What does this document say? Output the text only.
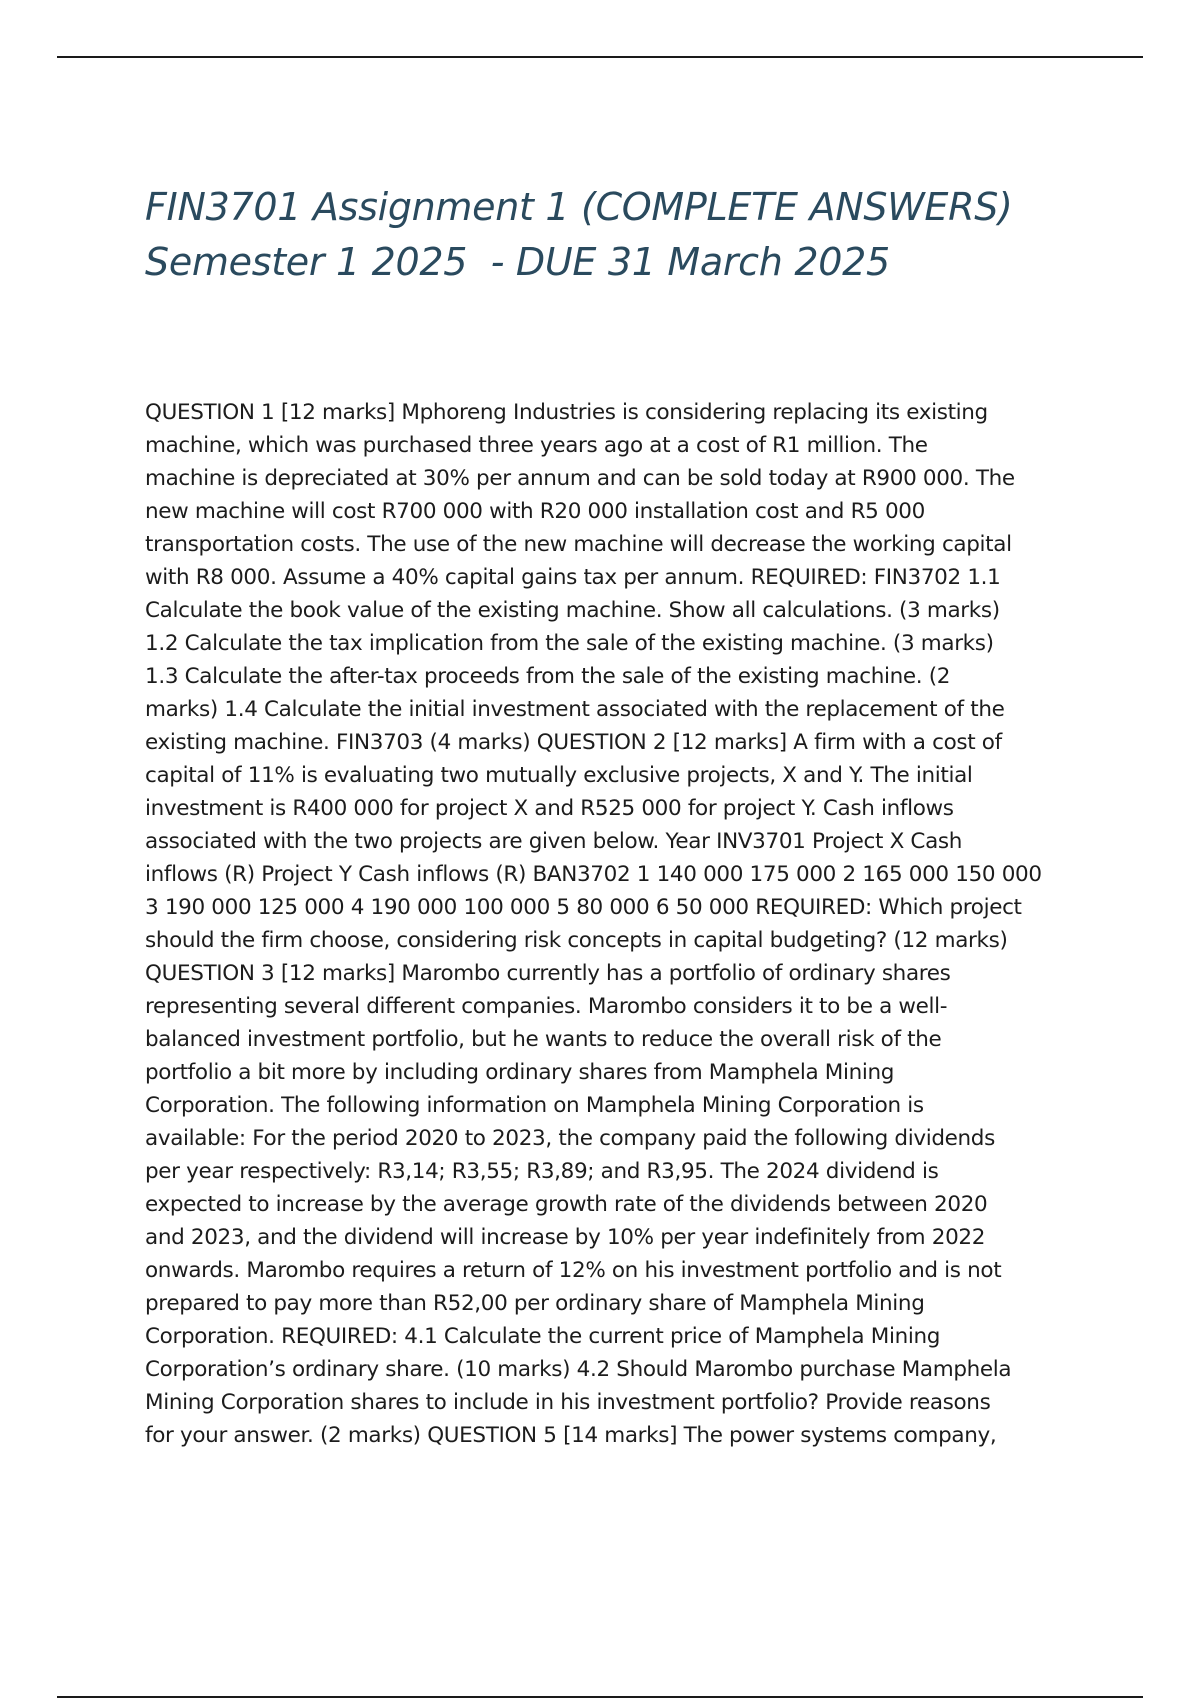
FIN3701 Assignment 1 (COMPLETE ANSWERS)
Semester 1 2025  - DUE 31 March 2025
QUESTION 1 [12 marks] Mphoreng Industries is considering replacing its existing
machine, which was purchased three years ago at a cost of R1 million. The
machine is depreciated at 30% per annum and can be sold today at R900 000. The
new machine will cost R700 000 with R20 000 installation cost and R5 000
transportation costs. The use of the new machine will decrease the working capital
with R8 000. Assume a 40% capital gains tax per annum. REQUIRED: FIN3702 1.1
Calculate the book value of the existing machine. Show all calculations. (3 marks)
1.2 Calculate the tax implication from the sale of the existing machine. (3 marks)
1.3 Calculate the after-tax proceeds from the sale of the existing machine. (2
marks) 1.4 Calculate the initial investment associated with the replacement of the
existing machine. FIN3703 (4 marks) QUESTION 2 [12 marks] A firm with a cost of
capital of 11% is evaluating two mutually exclusive projects, X and Y. The initial
investment is R400 000 for project X and R525 000 for project Y. Cash inflows
associated with the two projects are given below. Year INV3701 Project X Cash
inflows (R) Project Y Cash inflows (R) BAN3702 1 140 000 175 000 2 165 000 150 000
3 190 000 125 000 4 190 000 100 000 5 80 000 6 50 000 REQUIRED: Which project
should the firm choose, considering risk concepts in capital budgeting? (12 marks)
QUESTION 3 [12 marks] Marombo currently has a portfolio of ordinary shares
representing several different companies. Marombo considers it to be a well-
balanced investment portfolio, but he wants to reduce the overall risk of the
portfolio a bit more by including ordinary shares from Mamphela Mining
Corporation. The following information on Mamphela Mining Corporation is
available: For the period 2020 to 2023, the company paid the following dividends
per year respectively: R3,14; R3,55; R3,89; and R3,95. The 2024 dividend is
expected to increase by the average growth rate of the dividends between 2020
and 2023, and the dividend will increase by 10% per year indefinitely from 2022
onwards. Marombo requires a return of 12% on his investment portfolio and is not
prepared to pay more than R52,00 per ordinary share of Mamphela Mining
Corporation. REQUIRED: 4.1 Calculate the current price of Mamphela Mining
Corporation’s ordinary share. (10 marks) 4.2 Should Marombo purchase Mamphela
Mining Corporation shares to include in his investment portfolio? Provide reasons
for your answer. (2 marks) QUESTION 5 [14 marks] The power systems company,
